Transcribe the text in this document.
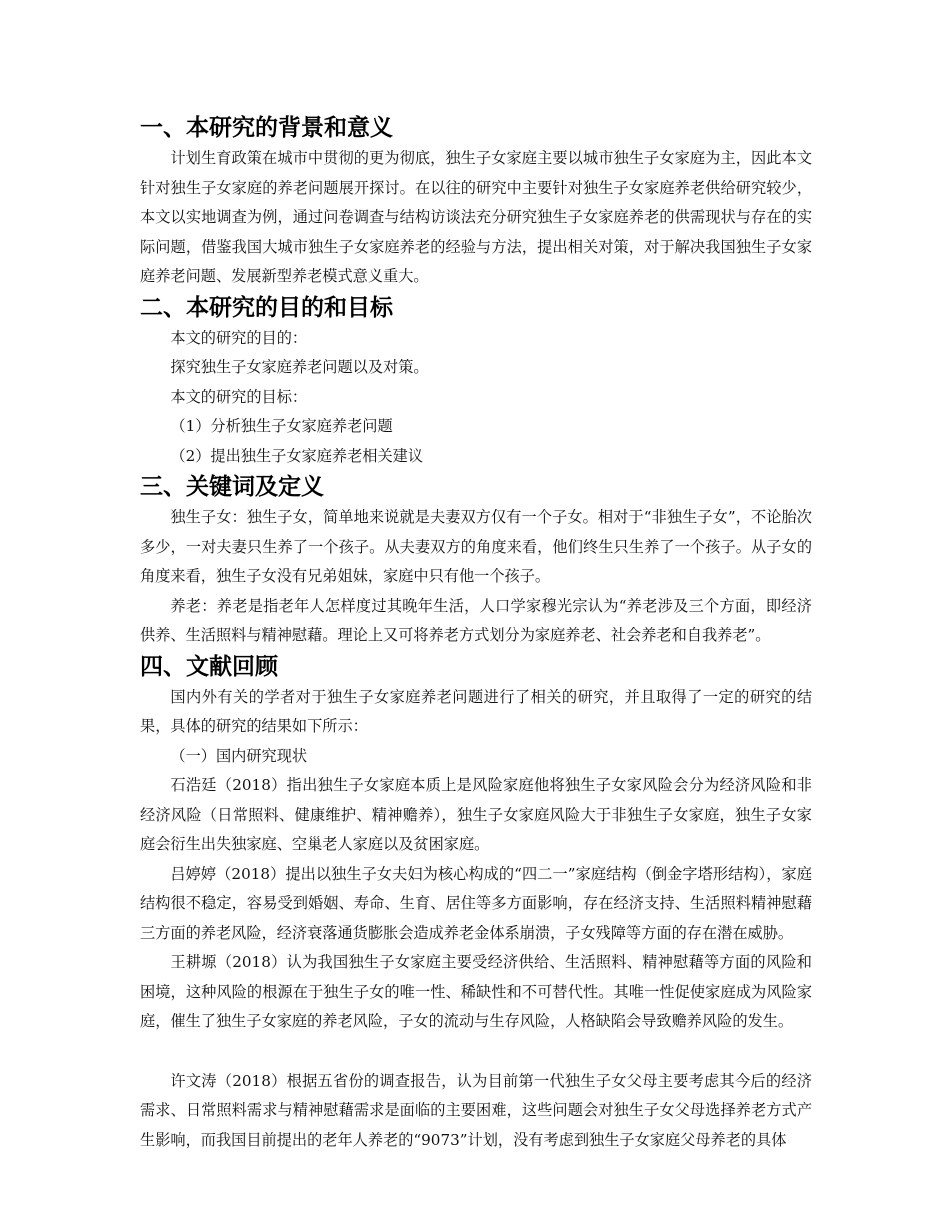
一、本研究的背景和意义

计划生育政策在城市中贯彻的更为彻底，独生子女家庭主要以城市独生子女家庭为主，因此本文针对独生子女家庭的养老问题展开探讨。在以往的研究中主要针对独生子女家庭养老供给研究较少，本文以实地调查为例，通过问卷调查与结构访谈法充分研究独生子女家庭养老的供需现状与存在的实际问题，借鉴我国大城市独生子女家庭养老的经验与方法，提出相关对策，对于解决我国独生子女家庭养老问题、发展新型养老模式意义重大。

二、本研究的目的和目标

本文的研究的目的：

探究独生子女家庭养老问题以及对策。

本文的研究的目标：

（1）分析独生子女家庭养老问题

（2）提出独生子女家庭养老相关建议

三、关键词及定义

独生子女：独生子女，简单地来说就是夫妻双方仅有一个子女。相对于“非独生子女”，不论胎次多少，一对夫妻只生养了一个孩子。从夫妻双方的角度来看，他们终生只生养了一个孩子。从子女的角度来看，独生子女没有兄弟姐妹，家庭中只有他一个孩子。

养老：养老是指老年人怎样度过其晚年生活，人口学家穆光宗认为“养老涉及三个方面，即经济供养、生活照料与精神慰藉。理论上又可将养老方式划分为家庭养老、社会养老和自我养老”。

四、文献回顾

国内外有关的学者对于独生子女家庭养老问题进行了相关的研究，并且取得了一定的研究的结果，具体的研究的结果如下所示：

（一）国内研究现状

石浩廷（2018）指出独生子女家庭本质上是风险家庭他将独生子女家风险会分为经济风险和非经济风险（日常照料、健康维护、精神赡养），独生子女家庭风险大于非独生子女家庭，独生子女家庭会衍生出失独家庭、空巢老人家庭以及贫困家庭。

吕婷婷（2018）提出以独生子女夫妇为核心构成的“四二一”家庭结构（倒金字塔形结构），家庭结构很不稳定，容易受到婚姻、寿命、生育、居住等多方面影响，存在经济支持、生活照料精神慰藉三方面的养老风险，经济衰落通货膨胀会造成养老金体系崩溃，子女残障等方面的存在潜在威胁。

王耕塬（2018）认为我国独生子女家庭主要受经济供给、生活照料、精神慰藉等方面的风险和困境，这种风险的根源在于独生子女的唯一性、稀缺性和不可替代性。其唯一性促使家庭成为风险家庭，催生了独生子女家庭的养老风险，子女的流动与生存风险，人格缺陷会导致赡养风险的发生。

许文涛（2018）根据五省份的调查报告，认为目前第一代独生子女父母主要考虑其今后的经济需求、日常照料需求与精神慰藉需求是面临的主要困难，这些问题会对独生子女父母选择养老方式产生影响，而我国目前提出的老年人养老的“9073”计划，没有考虑到独生子女家庭父母养老的具体
